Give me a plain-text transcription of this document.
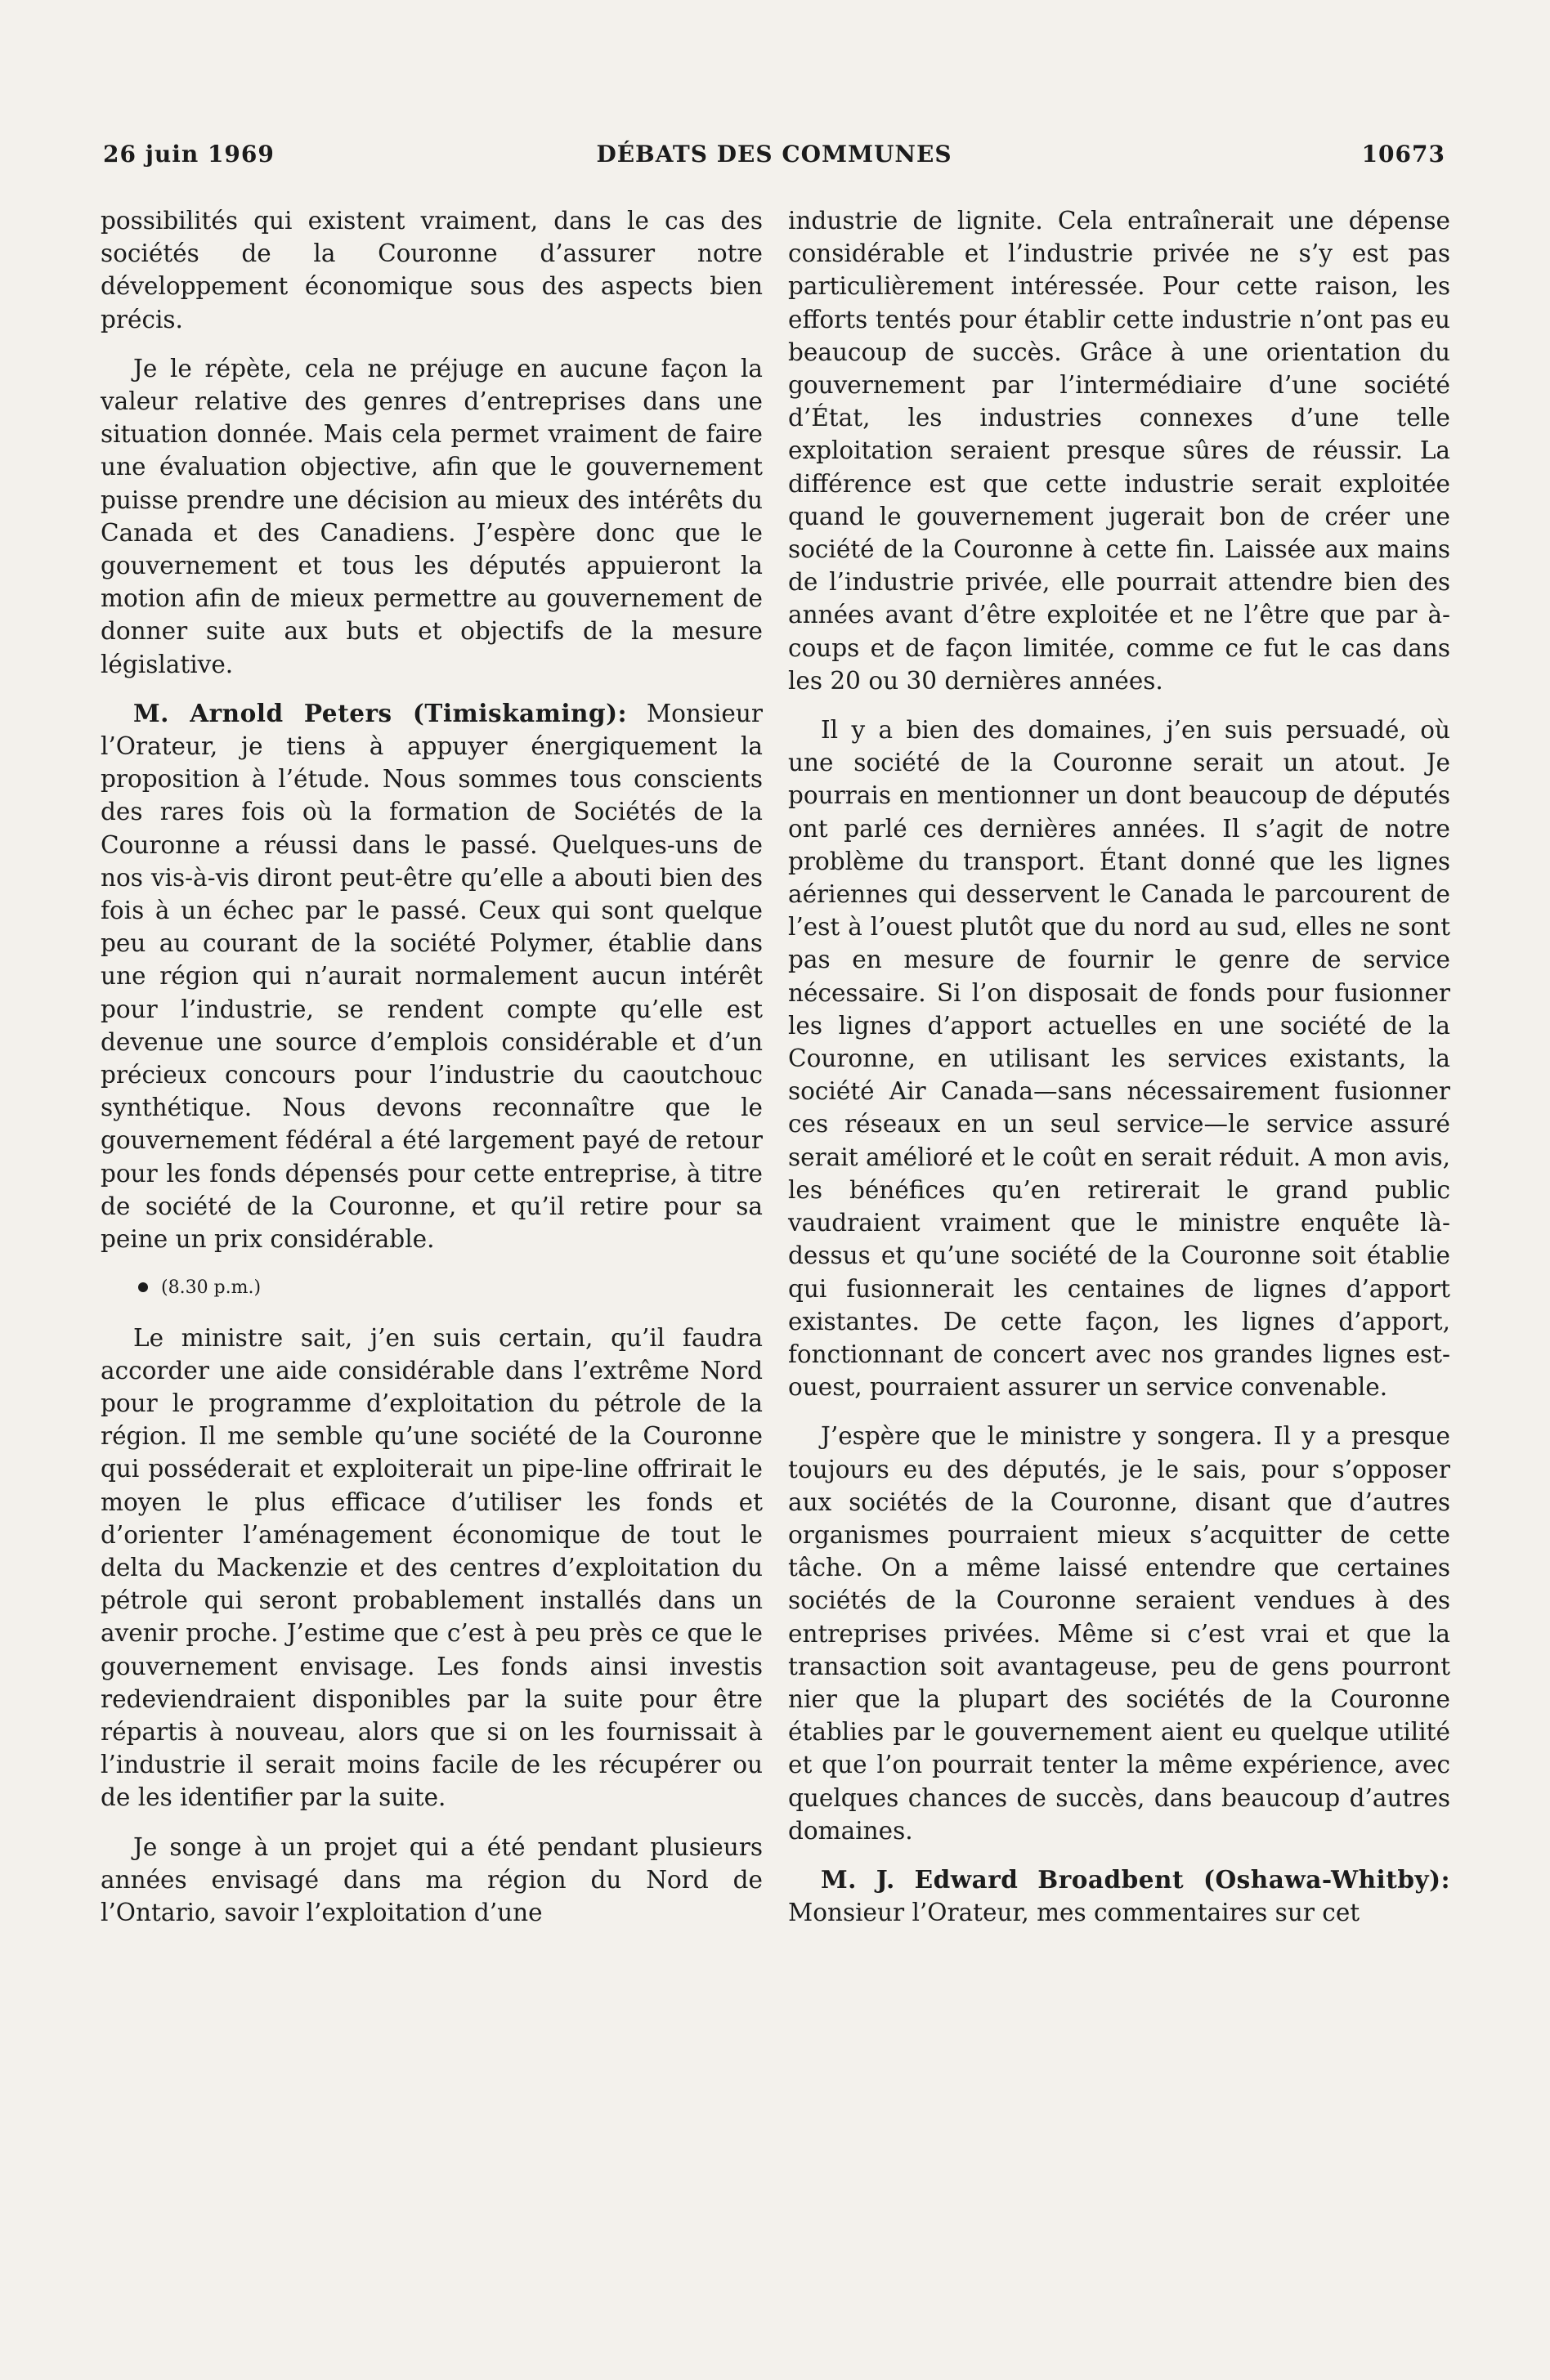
26 juin 1969	DÉBATS DES COMMUNES	10673

possibilités qui existent vraiment, dans le cas des sociétés de la Couronne d’assurer notre développement économique sous des aspects bien précis.

Je le répète, cela ne préjuge en aucune façon la valeur relative des genres d’entreprises dans une situation donnée. Mais cela permet vraiment de faire une évaluation objective, afin que le gouvernement puisse prendre une décision au mieux des intérêts du Canada et des Canadiens. J’espère donc que le gouvernement et tous les députés appuieront la motion afin de mieux permettre au gouvernement de donner suite aux buts et objectifs de la mesure législative.

M. Arnold Peters (Timiskaming): Monsieur l’Orateur, je tiens à appuyer énergiquement la proposition à l’étude. Nous sommes tous conscients des rares fois où la formation de Sociétés de la Couronne a réussi dans le passé. Quelques-uns de nos vis-à-vis diront peut-être qu’elle a abouti bien des fois à un échec par le passé. Ceux qui sont quelque peu au courant de la société Polymer, établie dans une région qui n’aurait normalement aucun intérêt pour l’industrie, se rendent compte qu’elle est devenue une source d’emplois considérable et d’un précieux concours pour l’industrie du caoutchouc synthétique. Nous devons reconnaître que le gouvernement fédéral a été largement payé de retour pour les fonds dépensés pour cette entreprise, à titre de société de la Couronne, et qu’il retire pour sa peine un prix considérable.

(8.30 p.m.)

Le ministre sait, j’en suis certain, qu’il faudra accorder une aide considérable dans l’extrême Nord pour le programme d’exploitation du pétrole de la région. Il me semble qu’une société de la Couronne qui posséderait et exploiterait un pipe-line offrirait le moyen le plus efficace d’utiliser les fonds et d’orienter l’aménagement économique de tout le delta du Mackenzie et des centres d’exploitation du pétrole qui seront probablement installés dans un avenir proche. J’estime que c’est à peu près ce que le gouvernement envisage. Les fonds ainsi investis redeviendraient disponibles par la suite pour être répartis à nouveau, alors que si on les fournissait à l’industrie il serait moins facile de les récupérer ou de les identifier par la suite.

Je songe à un projet qui a été pendant plusieurs années envisagé dans ma région du Nord de l’Ontario, savoir l’exploitation d’une

industrie de lignite. Cela entraînerait une dépense considérable et l’industrie privée ne s’y est pas particulièrement intéressée. Pour cette raison, les efforts tentés pour établir cette industrie n’ont pas eu beaucoup de succès. Grâce à une orientation du gouvernement par l’intermédiaire d’une société d’État, les industries connexes d’une telle exploitation seraient presque sûres de réussir. La différence est que cette industrie serait exploitée quand le gouvernement jugerait bon de créer une société de la Couronne à cette fin. Laissée aux mains de l’industrie privée, elle pourrait attendre bien des années avant d’être exploitée et ne l’être que par à-coups et de façon limitée, comme ce fut le cas dans les 20 ou 30 dernières années.

Il y a bien des domaines, j’en suis persuadé, où une société de la Couronne serait un atout. Je pourrais en mentionner un dont beaucoup de députés ont parlé ces dernières années. Il s’agit de notre problème du transport. Étant donné que les lignes aériennes qui desservent le Canada le parcourent de l’est à l’ouest plutôt que du nord au sud, elles ne sont pas en mesure de fournir le genre de service nécessaire. Si l’on disposait de fonds pour fusionner les lignes d’apport actuelles en une société de la Couronne, en utilisant les services existants, la société Air Canada—sans nécessairement fusionner ces réseaux en un seul service—le service assuré serait amélioré et le coût en serait réduit. A mon avis, les bénéfices qu’en retirerait le grand public vaudraient vraiment que le ministre enquête là-dessus et qu’une société de la Couronne soit établie qui fusionnerait les centaines de lignes d’apport existantes. De cette façon, les lignes d’apport, fonctionnant de concert avec nos grandes lignes est-ouest, pourraient assurer un service convenable.

J’espère que le ministre y songera. Il y a presque toujours eu des députés, je le sais, pour s’opposer aux sociétés de la Couronne, disant que d’autres organismes pourraient mieux s’acquitter de cette tâche. On a même laissé entendre que certaines sociétés de la Couronne seraient vendues à des entreprises privées. Même si c’est vrai et que la transaction soit avantageuse, peu de gens pourront nier que la plupart des sociétés de la Couronne établies par le gouvernement aient eu quelque utilité et que l’on pourrait tenter la même expérience, avec quelques chances de succès, dans beaucoup d’autres domaines.

M. J. Edward Broadbent (Oshawa-Whitby): Monsieur l’Orateur, mes commentaires sur cet
